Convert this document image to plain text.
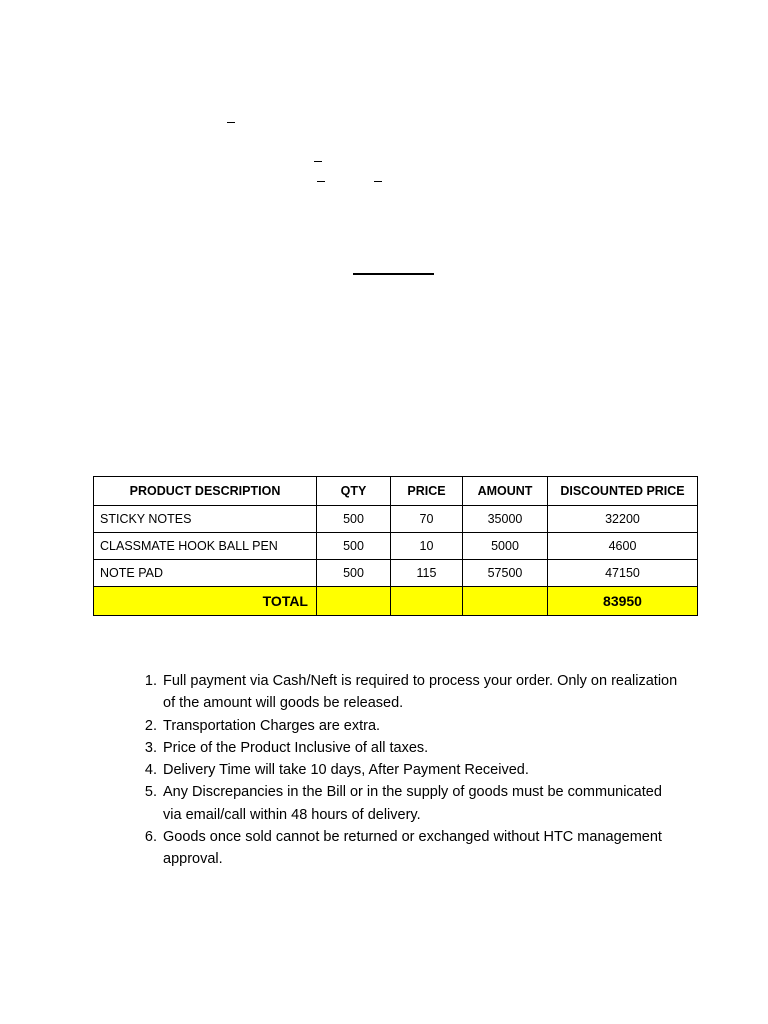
PRODUCT DESCRIPTION	QTY	PRICE	AMOUNT	DISCOUNTED PRICE
STICKY NOTES	500	70	35000	32200
CLASSMATE HOOK BALL PEN	500	10	5000	4600
NOTE PAD	500	115	57500	47150
TOTAL				83950
1. Full payment via Cash/Neft is required to process your order. Only on realization of the amount will goods be released.
2. Transportation Charges are extra.
3. Price of the Product Inclusive of all taxes.
4. Delivery Time will take 10 days, After Payment Received.
5. Any Discrepancies in the Bill or in the supply of goods must be communicated via email/call within 48 hours of delivery.
6. Goods once sold cannot be returned or exchanged without HTC management approval.
